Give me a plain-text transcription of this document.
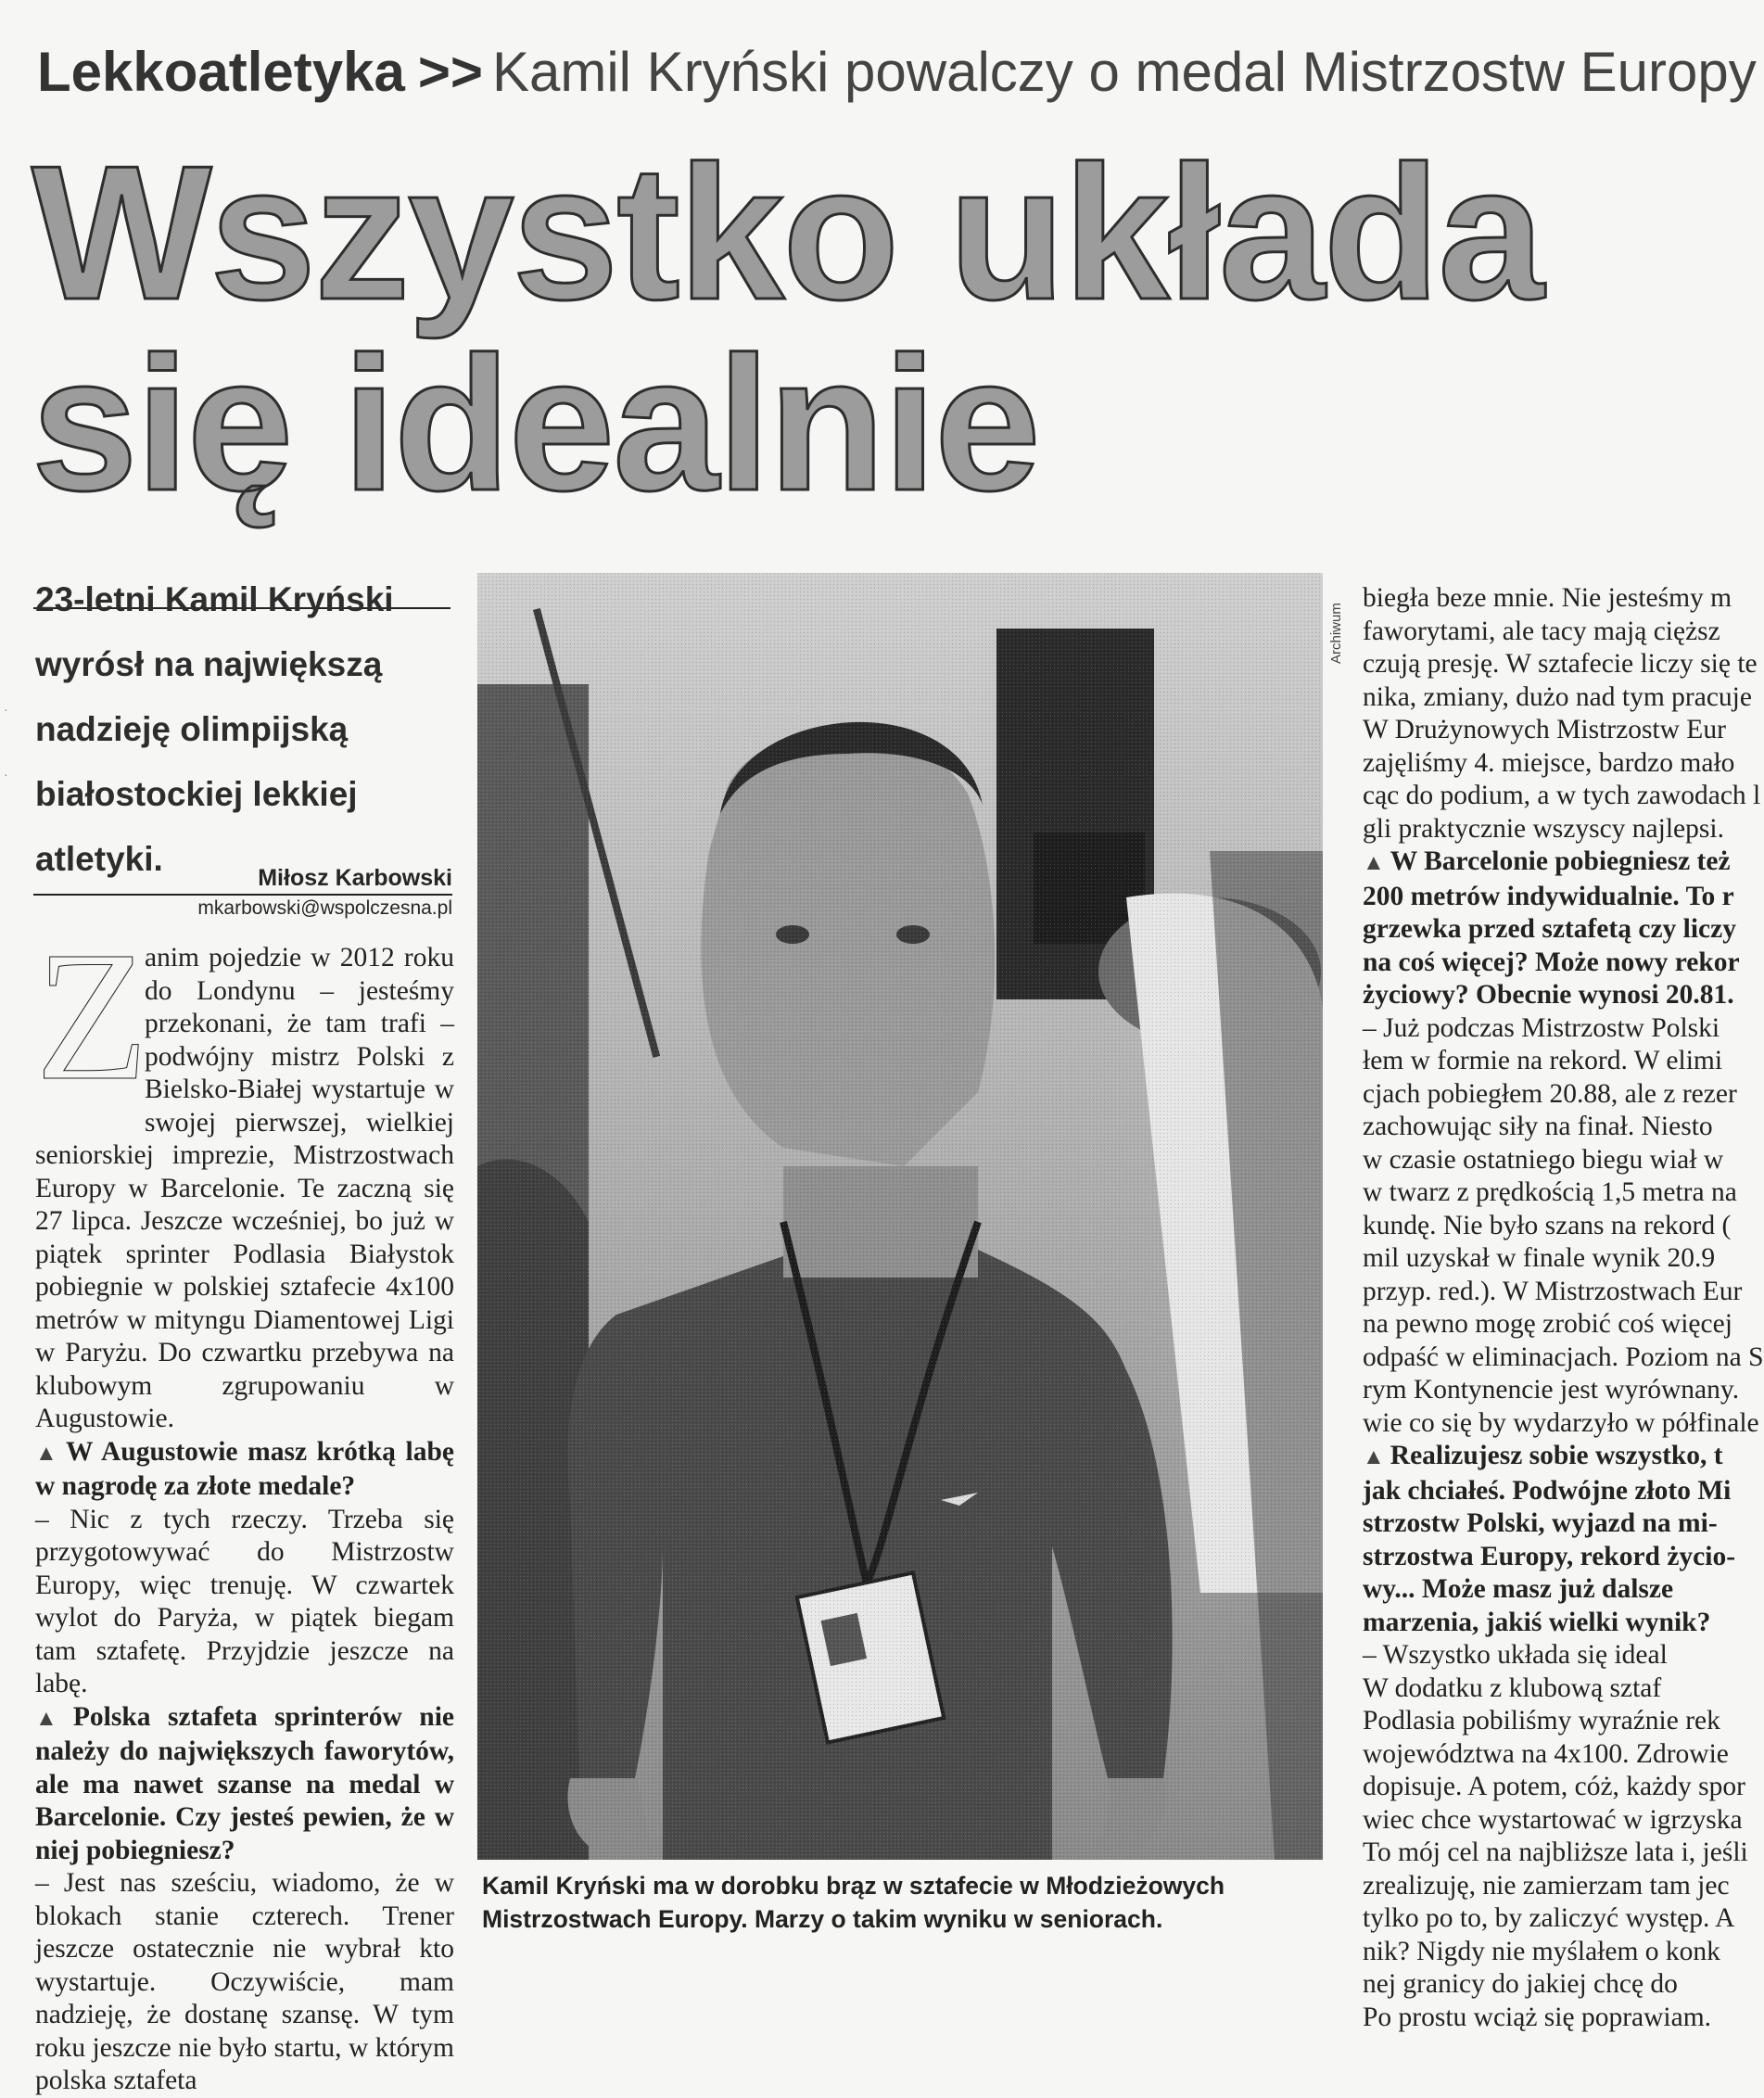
Lekkoatletyka >> Kamil Kryński powalczy o medal Mistrzostw Europy
Wszystko układa
się idealnie
23-letni Kamil Kryński wyrósł na największą nadzieję olimpijską białostockiej lekkiej atletyki.	Miłosz Karbowski
mkarbowski@wspolczesna.pl
Z

anim pojedzie w 2012 roku do Londynu – jesteśmy przekonani, że tam trafi – podwójny mistrz Polski z Bielsko-Białej wystartuje w swojej pierwszej, wielkiej seniorskiej imprezie, Mistrzostwach Europy w Barcelonie. Te zaczną się 27 lipca. Jeszcze wcześniej, bo już w piątek sprinter Podlasia Białystok pobiegnie w polskiej sztafecie 4x100 metrów w mityngu Diamentowej Ligi w Paryżu. Do czwartku przebywa na klubowym zgrupowaniu w Augustowie.

▲ W Augustowie masz krótką labę w nagrodę za złote medale?

– Nic z tych rzeczy. Trzeba się przygotowywać do Mistrzostw Europy, więc trenuję. W czwartek wylot do Paryża, w piątek biegam tam sztafetę. Przyjdzie jeszcze na labę.

▲ Polska sztafeta sprinterów nie należy do największych faworytów, ale ma nawet szanse na medal w Barcelonie. Czy jesteś pewien, że w niej pobiegniesz?

– Jest nas sześciu, wiadomo, że w blokach stanie czterech. Trener jeszcze ostatecznie nie wybrał kto wystartuje. Oczywiście, mam nadzieję, że dostanę szansę. W tym roku jeszcze nie było startu, w którym polska sztafeta

Archiwum
Kamil Kryński ma w dorobku brąz w sztafecie w Młodzieżowych Mistrzostwach Europy. Marzy o takim wyniku w seniorach.

biegła beze mnie. Nie jesteśmy m

faworytami, ale tacy mają cięższ

czują presję. W sztafecie liczy się te

nika, zmiany, dużo nad tym pracuje

W Drużynowych Mistrzostw Eur

zajęliśmy 4. miejsce, bardzo mało

cąc do podium, a w tych zawodach l

gli praktycznie wszyscy najlepsi.

▲ W Barcelonie pobiegniesz też

200 metrów indywidualnie. To r

grzewka przed sztafetą czy liczy

na coś więcej? Może nowy rekor

życiowy? Obecnie wynosi 20.81.

– Już podczas Mistrzostw Polski

łem w formie na rekord. W elimi

cjach pobiegłem 20.88, ale z rezer

zachowując siły na finał. Niesto

w czasie ostatniego biegu wiał w

w twarz z prędkością 1,5 metra na

kundę. Nie było szans na rekord (

mil uzyskał w finale wynik 20.9

przyp. red.). W Mistrzostwach Eur

na pewno mogę zrobić coś więcej

odpaść w eliminacjach. Poziom na S

rym Kontynencie jest wyrównany.

wie co się by wydarzyło w półfinale

▲ Realizujesz sobie wszystko, t

jak chciałeś. Podwójne złoto Mi

strzostw Polski, wyjazd na mi-

strzostwa Europy, rekord życio-

wy... Może masz już dalsze

marzenia, jakiś wielki wynik?

– Wszystko układa się ideal

W dodatku z klubową sztaf

Podlasia pobiliśmy wyraźnie rek

województwa na 4x100. Zdrowie

dopisuje. A potem, cóż, każdy spor

wiec chce wystartować w igrzyska

To mój cel na najbliższe lata i, jeśli

zrealizuję, nie zamierzam tam jec

tylko po to, by zaliczyć występ. A

nik? Nigdy nie myślałem o konk

nej granicy do jakiej chcę do

Po prostu wciąż się poprawiam.

·
·
